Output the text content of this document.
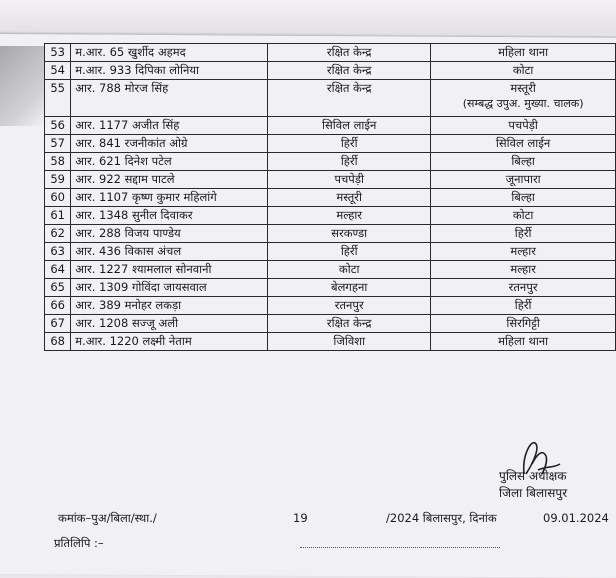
53	म.आर. 65 खुर्शीद अहमद	रक्षित केन्द्र	महिला थाना
54	म.आर. 933 दिपिका लोनिया	रक्षित केन्द्र	कोटा
55	आर. 788 मोरज सिंह	रक्षित केन्द्र	मस्तूरी
(सम्बद्ध उपुअ. मुख्या. चालक)

56	आर. 1177 अजीत सिंह	सिविल लाईन	पचपेड़ी
57	आर. 841 रजनीकांत ओग्रे	हिर्री	सिविल लाईन
58	आर. 621 दिनेश पटेल	हिर्री	बिल्हा
59	आर. 922 सद्दाम पाटले	पचपेड़ी	जूनापारा
60	आर. 1107 कृष्ण कुमार महिलांगे	मस्तूरी	बिल्हा
61	आर. 1348 सुनील दिवाकर	मल्हार	कोटा
62	आर. 288 विजय पाण्डेय	सरकण्डा	हिर्री
63	आर. 436 विकास अंचल	हिर्री	मल्हार
64	आर. 1227 श्यामलाल सोनवानी	कोटा	मल्हार
65	आर. 1309 गोविंदा जायसवाल	बेलगहना	रतनपुर
66	आर. 389 मनोहर लकड़ा	रतनपुर	हिर्री
67	आर. 1208 सज्जू अली	रक्षित केन्द्र	सिरगिट्टी
68	म.आर. 1220 लक्ष्मी नेताम	जिविशा	महिला थाना
पुलिस अधीक्षक
जिला बिलासपुर
कमांक–पुअ/बिला/स्था./	19	/2024 बिलासपुर, दिनांक	09.01.2024
प्रतिलिपि :–
